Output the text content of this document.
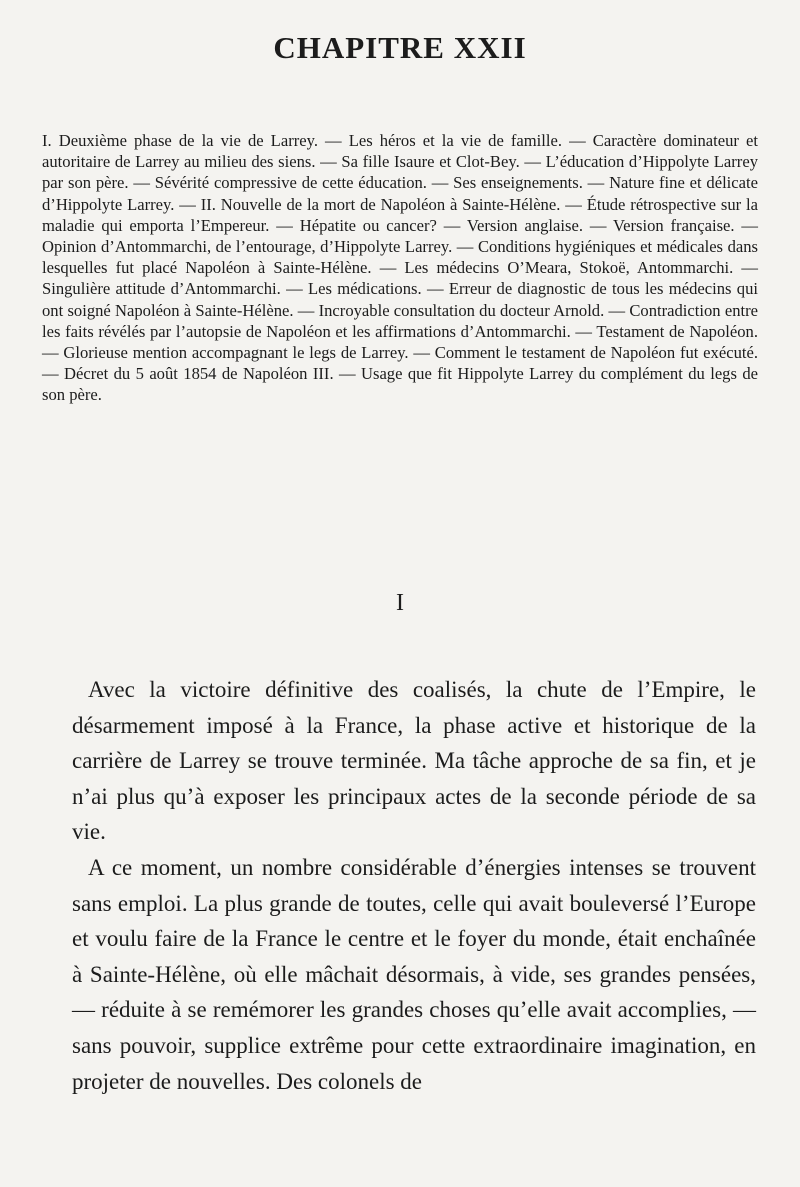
CHAPITRE XXII
I. Deuxième phase de la vie de Larrey. — Les héros et la vie de famille. — Caractère dominateur et autoritaire de Larrey au milieu des siens. — Sa fille Isaure et Clot-Bey. — L’éducation d’Hippolyte Larrey par son père. — Sévérité compressive de cette éducation. — Ses enseignements. — Nature fine et délicate d’Hippolyte Larrey. — II. Nouvelle de la mort de Napoléon à Sainte-Hélène. — Étude rétrospective sur la maladie qui emporta l’Empereur. — Hépatite ou cancer? — Version anglaise. — Version française. — Opinion d’Antommarchi, de l’entourage, d’Hippolyte Larrey. — Conditions hygiéniques et médicales dans lesquelles fut placé Napoléon à Sainte-Hélène. — Les médecins O’Meara, Stokoë, Antommarchi. — Singulière attitude d’Antommarchi. — Les médications. — Erreur de diagnostic de tous les médecins qui ont soigné Napoléon à Sainte-Hélène. — Incroyable consultation du docteur Arnold. — Contradiction entre les faits révélés par l’autopsie de Napoléon et les affirmations d’Antommarchi. — Testament de Napoléon. — Glorieuse mention accompagnant le legs de Larrey. — Comment le testament de Napoléon fut exécuté. — Décret du 5 août 1854 de Napoléon III. — Usage que fit Hippolyte Larrey du complément du legs de son père.
I

Avec la victoire définitive des coalisés, la chute de l’Empire, le désarmement imposé à la France, la phase active et historique de la carrière de Larrey se trouve terminée. Ma tâche approche de sa fin, et je n’ai plus qu’à exposer les principaux actes de la seconde période de sa vie.

A ce moment, un nombre considérable d’énergies intenses se trouvent sans emploi. La plus grande de toutes, celle qui avait bouleversé l’Europe et voulu faire de la France le centre et le foyer du monde, était enchaînée à Sainte-Hélène, où elle mâchait désormais, à vide, ses grandes pensées, — réduite à se remémorer les grandes choses qu’elle avait accomplies, — sans pouvoir, supplice extrême pour cette extraordinaire imagination, en projeter de nouvelles. Des colonels de
